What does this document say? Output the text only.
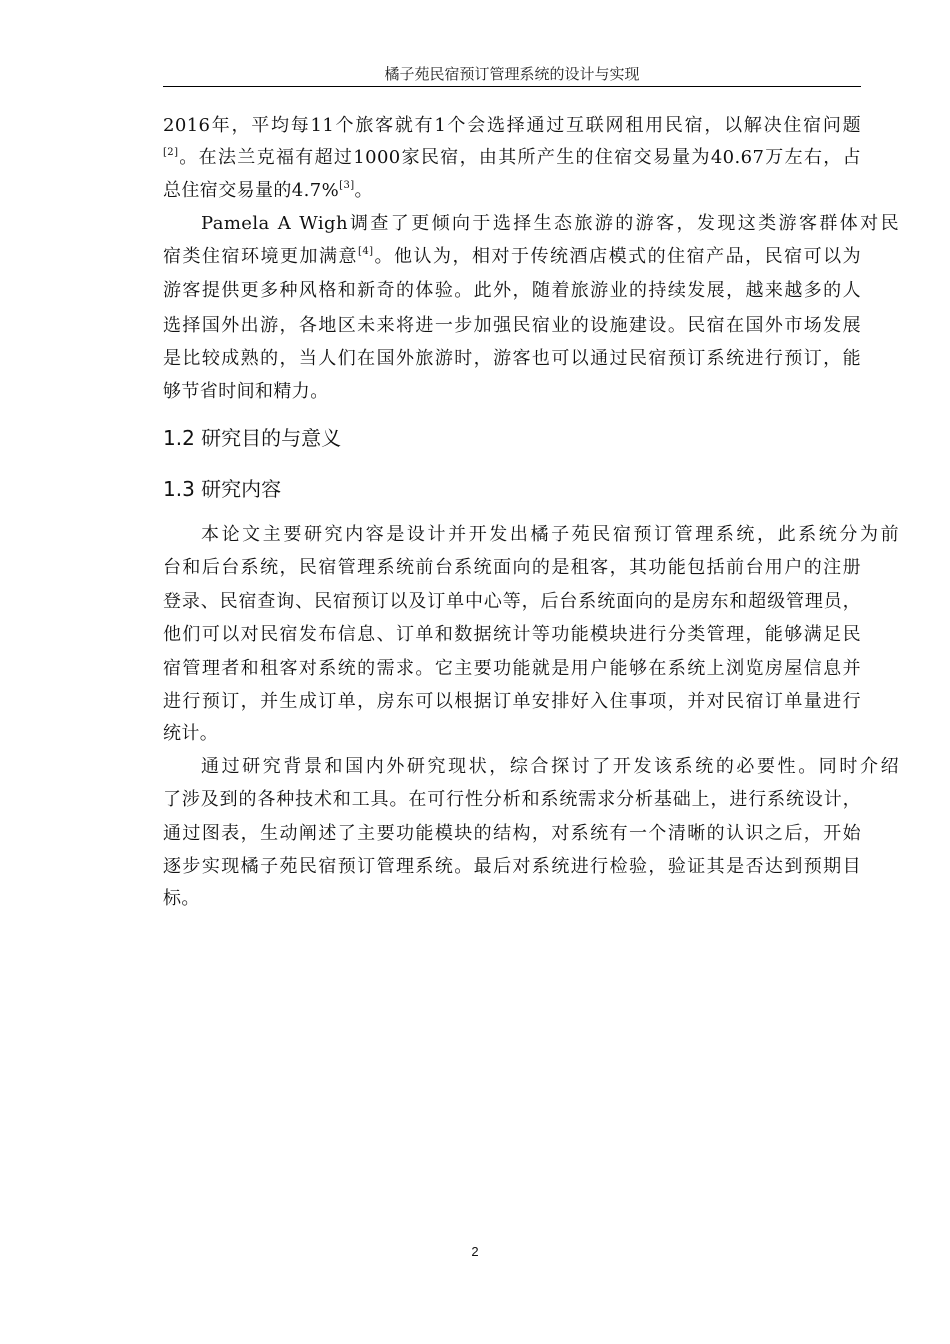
橘子苑民宿预订管理系统的设计与实现
2016年，平均每11个旅客就有1个会选择通过互联网租用民宿，以解决住宿问题
[2]。在法兰克福有超过1000家民宿，由其所产生的住宿交易量为40.67万左右，占
总住宿交易量的4.7%[3]。
Pamela A Wigh调查了更倾向于选择生态旅游的游客，发现这类游客群体对民
宿类住宿环境更加满意[4]。他认为，相对于传统酒店模式的住宿产品，民宿可以为
游客提供更多种风格和新奇的体验。此外，随着旅游业的持续发展，越来越多的人
选择国外出游，各地区未来将进一步加强民宿业的设施建设。民宿在国外市场发展
是比较成熟的，当人们在国外旅游时，游客也可以通过民宿预订系统进行预订，能
够节省时间和精力。
1.2 研究目的与意义
1.3 研究内容
本论文主要研究内容是设计并开发出橘子苑民宿预订管理系统，此系统分为前
台和后台系统，民宿管理系统前台系统面向的是租客，其功能包括前台用户的注册
登录、民宿查询、民宿预订以及订单中心等，后台系统面向的是房东和超级管理员，
他们可以对民宿发布信息、订单和数据统计等功能模块进行分类管理，能够满足民
宿管理者和租客对系统的需求。它主要功能就是用户能够在系统上浏览房屋信息并
进行预订，并生成订单，房东可以根据订单安排好入住事项，并对民宿订单量进行
统计。
通过研究背景和国内外研究现状，综合探讨了开发该系统的必要性。同时介绍
了涉及到的各种技术和工具。在可行性分析和系统需求分析基础上，进行系统设计，
通过图表，生动阐述了主要功能模块的结构，对系统有一个清晰的认识之后，开始
逐步实现橘子苑民宿预订管理系统。最后对系统进行检验，验证其是否达到预期目
标。
2
